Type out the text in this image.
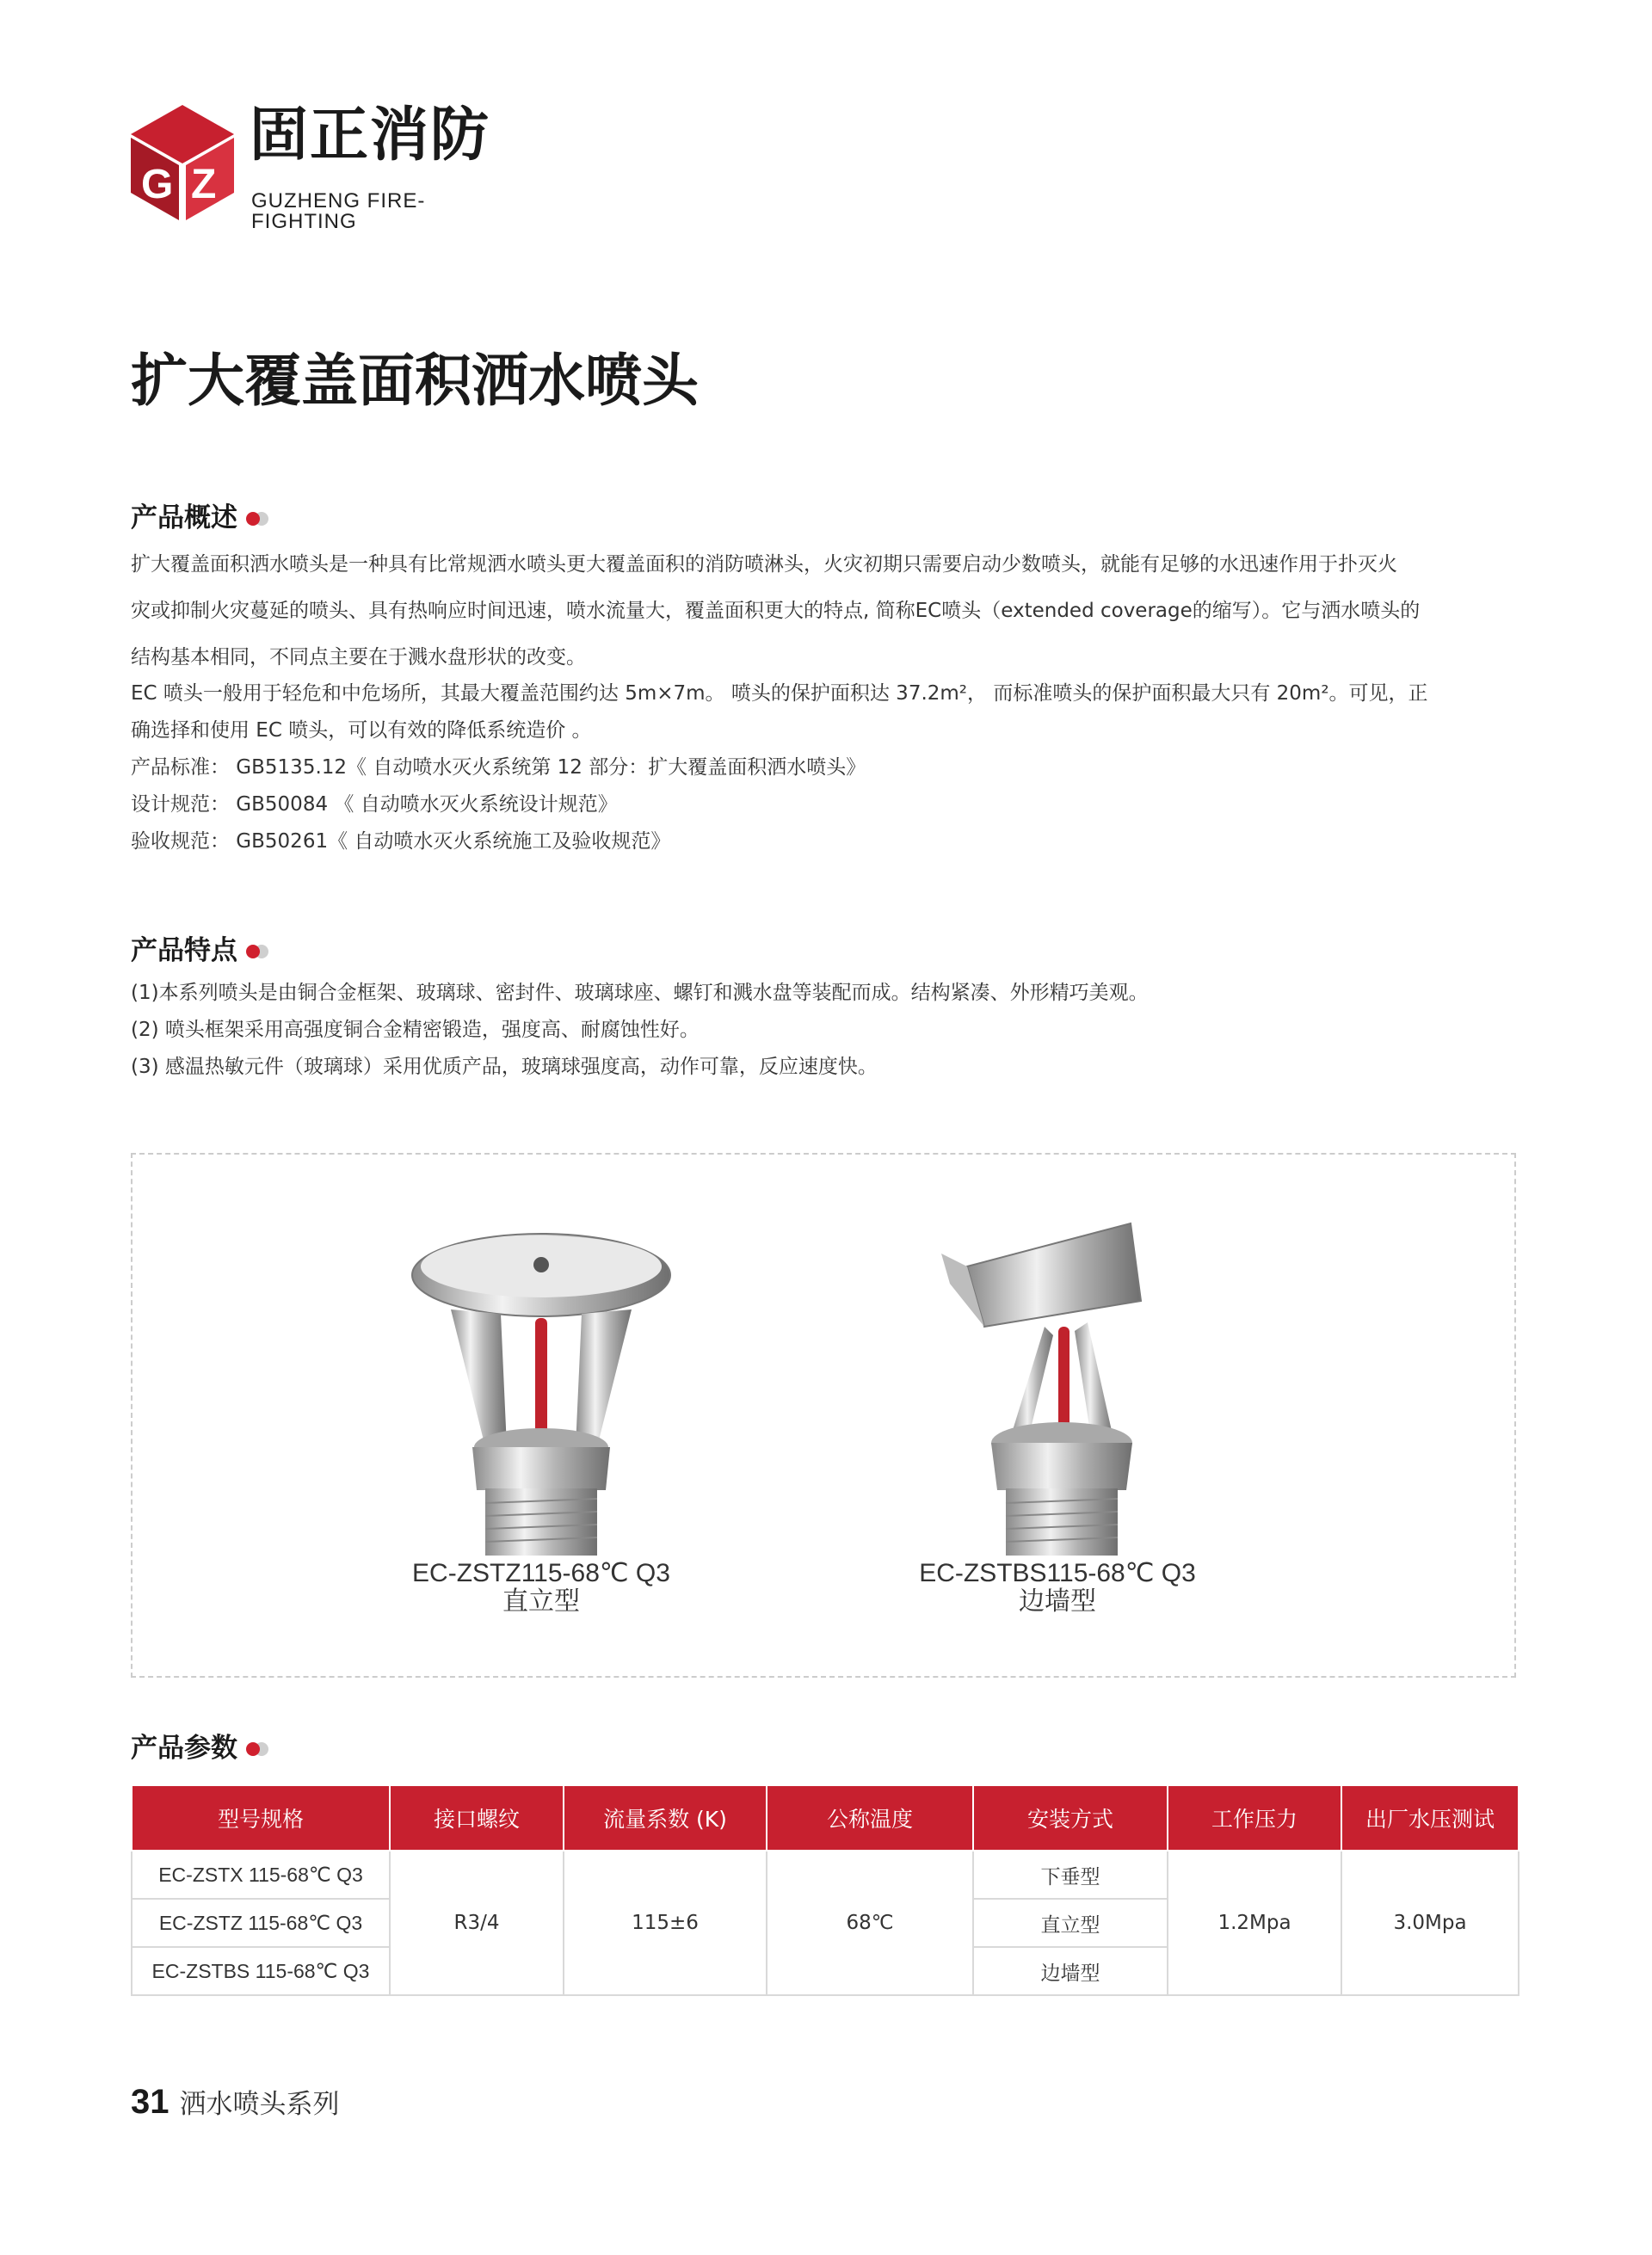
G Z
固正消防
GUZHENG FIRE-FIGHTING
扩大覆盖面积洒水喷头
产品概述

扩大覆盖面积洒水喷头是一种具有比常规洒水喷头更大覆盖面积的消防喷淋头，火灾初期只需要启动少数喷头，就能有足够的水迅速作用于扑灭火

灾或抑制火灾蔓延的喷头、具有热响应时间迅速，喷水流量大，覆盖面积更大的特点, 简称EC喷头（extended coverage的缩写）。它与洒水喷头的

结构基本相同，不同点主要在于溅水盘形状的改变。

EC 喷头一般用于轻危和中危场所，其最大覆盖范围约达 5m×7m。 喷头的保护面积达 37.2m²， 而标准喷头的保护面积最大只有 20m²。可见，正

确选择和使用 EC 喷头，可以有效的降低系统造价 。

产品标准： GB5135.12《 自动喷水灭火系统第 12 部分：扩大覆盖面积洒水喷头》

设计规范： GB50084 《 自动喷水灭火系统设计规范》

验收规范： GB50261《 自动喷水灭火系统施工及验收规范》

产品特点

(1)本系列喷头是由铜合金框架、玻璃球、密封件、玻璃球座、螺钉和溅水盘等装配而成。结构紧凑、外形精巧美观。

(2) 喷头框架采用高强度铜合金精密锻造，强度高、耐腐蚀性好。

(3) 感温热敏元件（玻璃球）采用优质产品，玻璃球强度高，动作可靠，反应速度快。

EC-ZSTZ115-68℃ Q3
直立型
EC-ZSTBS115-68℃ Q3
边墙型
产品参数
型号规格	接口螺纹	流量系数 (K)	公称温度	安装方式	工作压力	出厂水压测试
EC-ZSTX 115-68℃ Q3	R3/4	115±6	68℃	下垂型	1.2Mpa	3.0Mpa
EC-ZSTZ 115-68℃ Q3				直立型		
EC-ZSTBS 115-68℃ Q3				边墙型		
31 洒水喷头系列
